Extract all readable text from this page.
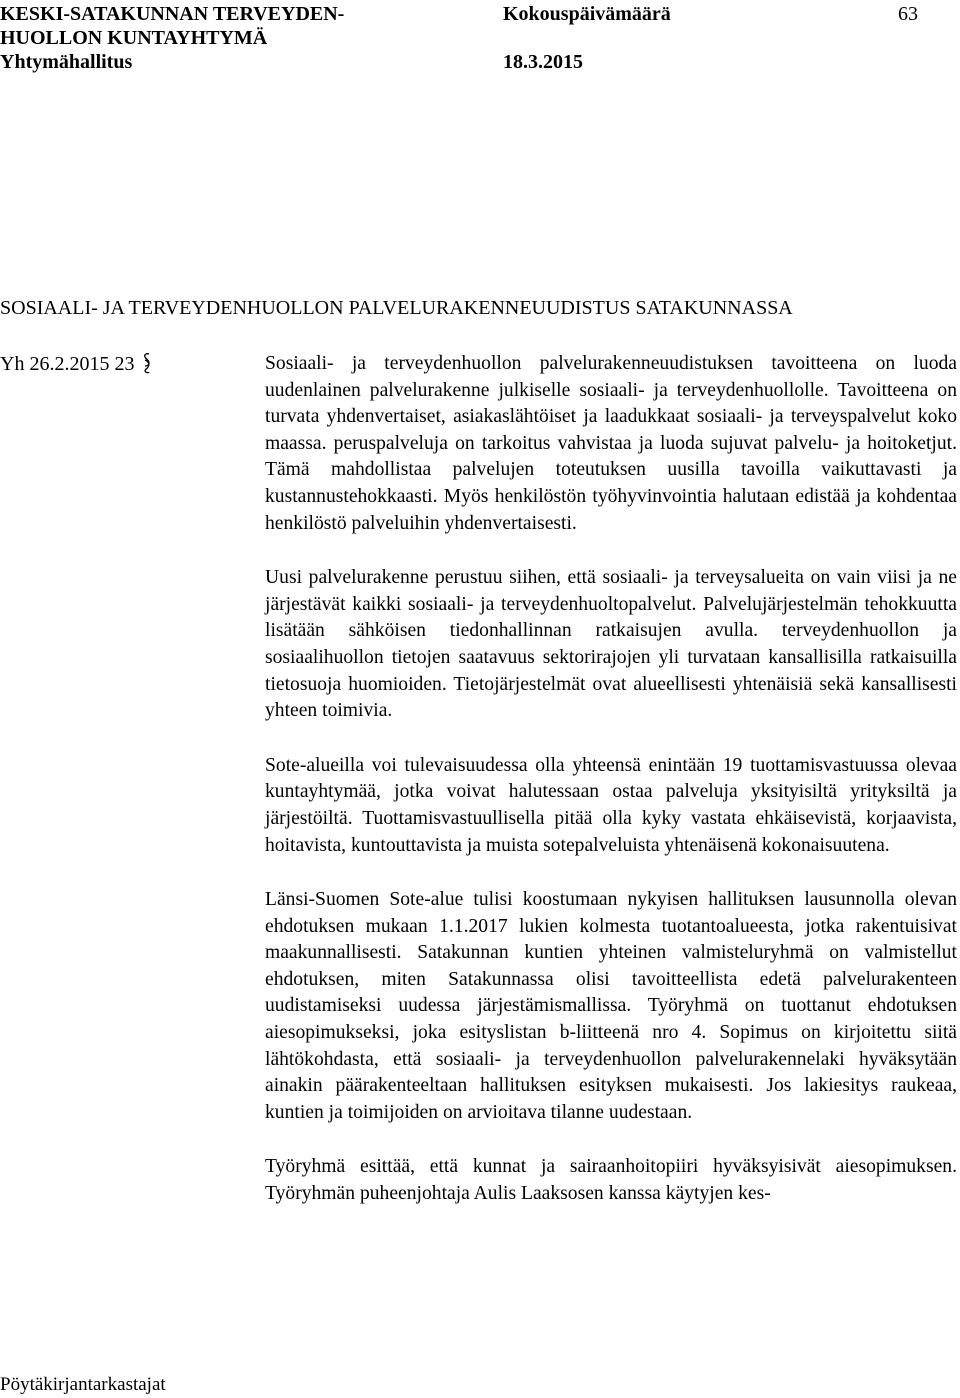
KESKI-SATAKUNNAN TERVEYDEN-
HUOLLON KUNTAYHTYMÄ
Yhtymähallitus
Kokouspäivämäärä
18.3.2015
63
SOSIAALI- JA TERVEYDENHUOLLON PALVELURAKENNEUUDISTUS SATAKUNNASSA
Yh 26.2.2015 23	Sosiaali- ja terveydenhuollon palvelurakenneuudistuksen tavoitteena on luoda uudenlainen palvelurakenne julkiselle sosiaali- ja terveydenhuollolle. Tavoitteena on turvata yhdenvertaiset, asiakaslähtöiset ja laadukkaat sosiaali- ja terveyspalvelut koko maassa. peruspalveluja on tarkoitus vahvistaa ja luoda sujuvat palvelu- ja hoitoketjut. Tämä mahdollistaa palvelujen toteutuksen uusilla tavoilla vaikuttavasti ja kustannustehokkaasti. Myös henkilöstön työhyvinvointia halutaan edistää ja kohdentaa henkilöstö palveluihin yhdenvertaisesti.

Uusi palvelurakenne perustuu siihen, että sosiaali- ja terveysalueita on vain viisi ja ne järjestävät kaikki sosiaali- ja terveydenhuoltopalvelut. Palvelujärjestelmän tehokkuutta lisätään sähköisen tiedonhallinnan ratkaisujen avulla. terveydenhuollon ja sosiaalihuollon tietojen saatavuus sektorirajojen yli turvataan kansallisilla ratkaisuilla tietosuoja huomioiden. Tietojärjestelmät ovat alueellisesti yhtenäisiä sekä kansallisesti yhteen toimivia.

Sote-alueilla voi tulevaisuudessa olla yhteensä enintään 19 tuottamisvastuussa olevaa kuntayhtymää, jotka voivat halutessaan ostaa palveluja yksityisiltä yrityksiltä ja järjestöiltä. Tuottamisvastuullisella pitää olla kyky vastata ehkäisevistä, korjaavista, hoitavista, kuntouttavista ja muista sotepalveluista yhtenäisenä kokonaisuutena.

Länsi-Suomen Sote-alue tulisi koostumaan nykyisen hallituksen lausunnolla olevan ehdotuksen mukaan 1.1.2017 lukien kolmesta tuotantoalueesta, jotka rakentuisivat maakunnallisesti. Satakunnan kuntien yhteinen valmisteluryhmä on valmistellut ehdotuksen, miten Satakunnassa olisi tavoitteellista edetä palvelurakenteen uudistamiseksi uudessa järjestämismallissa. Työryhmä on tuottanut ehdotuksen aiesopimukseksi, joka esityslistan b-liitteenä nro 4. Sopimus on kirjoitettu siitä lähtökohdasta, että sosiaali- ja terveydenhuollon palvelurakennelaki hyväksytään ainakin päärakenteeltaan hallituksen esityksen mukaisesti. Jos lakiesitys raukeaa, kuntien ja toimijoiden on arvioitava tilanne uudestaan.

Työryhmä esittää, että kunnat ja sairaanhoitopiiri hyväksyisivät aiesopimuksen. Työryhmän puheenjohtaja Aulis Laaksosen kanssa käytyjen kes-

Pöytäkirjantarkastajat
